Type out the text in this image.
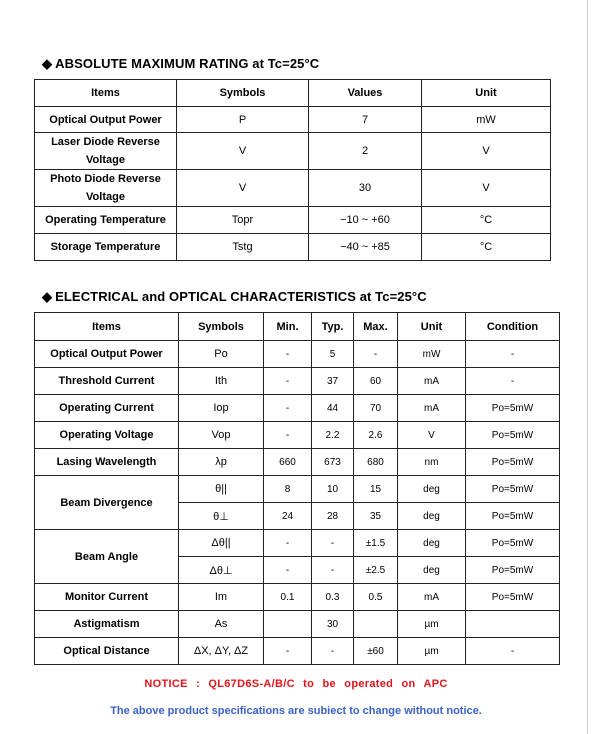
◆ ABSOLUTE MAXIMUM RATING at Tc=25°C
Items	Symbols	Values	Unit
Optical Output Power	P	7	mW
Laser Diode Reverse Voltage	V	2	V
Photo Diode Reverse Voltage	V	30	V
Operating Temperature	Topr	−10 ~ +60	°C
Storage Temperature	Tstg	−40 ~ +85	°C
◆ ELECTRICAL and OPTICAL CHARACTERISTICS at Tc=25°C
Items	Symbols	Min.	Typ.	Max.	Unit	Condition
Optical Output Power	Po	-	5	-	mW	-
Threshold Current	Ith	-	37	60	mA	-
Operating Current	Iop	-	44	70	mA	Po=5mW
Operating Voltage	Vop	-	2.2	2.6	V	Po=5mW
Lasing Wavelength	λp	660	673	680	nm	Po=5mW
Beam Divergence	θ||	8	10	15	deg	Po=5mW
	θ⊥	24	28	35	deg	Po=5mW
Beam Angle	Δθ||	-	-	±1.5	deg	Po=5mW
	Δθ⊥	-	-	±2.5	deg	Po=5mW
Monitor Current	Im	0.1	0.3	0.5	mA	Po=5mW
Astigmatism	As		30		µm	
Optical Distance	ΔX, ΔY, ΔZ	-	-	±60	µm	-
NOTICE : QL67D6S-A/B/C to be operated on APC
The above product specifications are subiect to change without notice.
